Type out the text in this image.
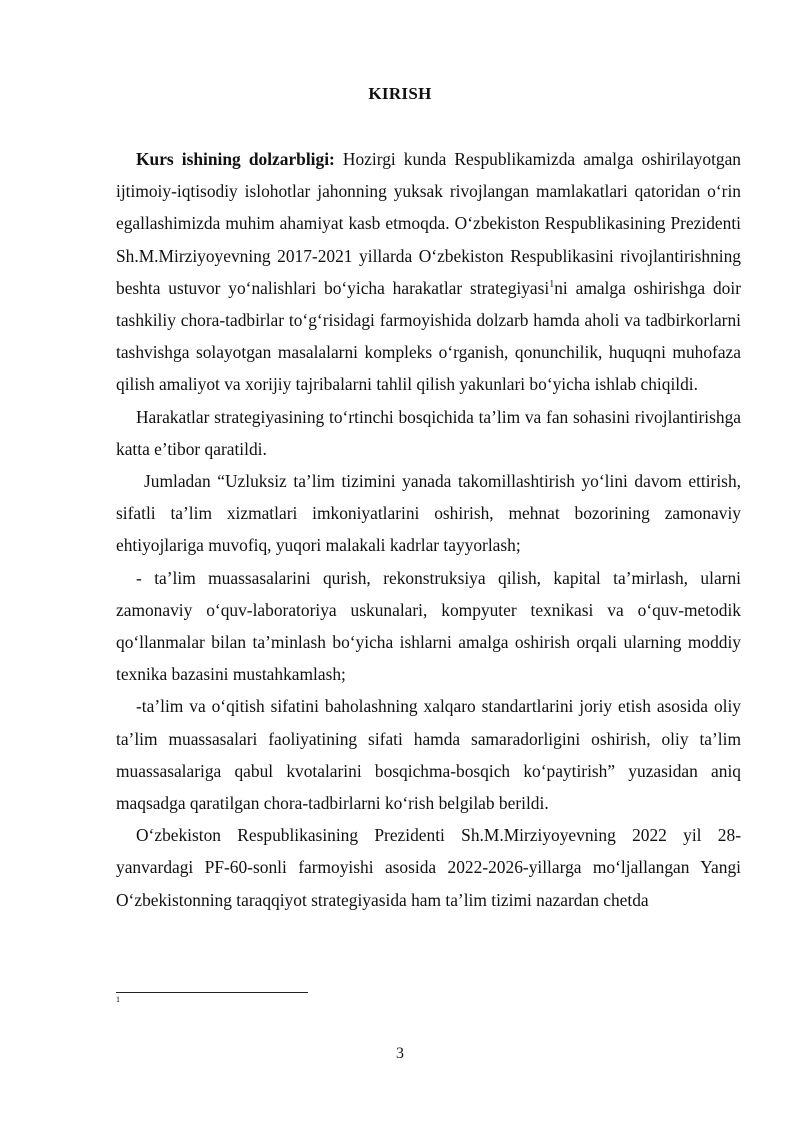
KIRISH

Kurs ishining dolzarbligi: Hozirgi kunda Respublikamizda amalga oshirilayotgan ijtimoiy-iqtisodiy islohotlar jahonning yuksak rivojlangan mamlakatlari qatoridan o‘rin egallashimizda muhim ahamiyat kasb etmoqda. O‘zbekiston Respublikasining Prezidenti Sh.M.Mirziyoyevning 2017-2021 yillarda O‘zbekiston Respublikasini rivojlantirishning beshta ustuvor yo‘nalishlari bo‘yicha harakatlar strategiyasi$^1$ni amalga oshirishga doir tashkiliy chora-tadbirlar to‘g‘risidagi farmoyishida dolzarb hamda aholi va tadbirkorlarni tashvishga solayotgan masalalarni kompleks o‘rganish, qonunchilik, huquqni muhofaza qilish amaliyot va xorijiy tajribalarni tahlil qilish yakunlari bo‘yicha ishlab chiqildi.

Harakatlar strategiyasining to‘rtinchi bosqichida ta’lim va fan sohasini rivojlantirishga katta e’tibor qaratildi.

Jumladan “Uzluksiz ta’lim tizimini yanada takomillashtirish yo‘lini davom ettirish, sifatli ta’lim xizmatlari imkoniyatlarini oshirish, mehnat bozorining zamonaviy ehtiyojlariga muvofiq, yuqori malakali kadrlar tayyorlash;

- ta’lim muassasalarini qurish, rekonstruksiya qilish, kapital ta’mirlash, ularni zamonaviy o‘quv-laboratoriya uskunalari, kompyuter texnikasi va o‘quv-metodik qo‘llanmalar bilan ta’minlash bo‘yicha ishlarni amalga oshirish orqali ularning moddiy texnika bazasini mustahkamlash;

-ta’lim va o‘qitish sifatini baholashning xalqaro standartlarini joriy etish asosida oliy ta’lim muassasalari faoliyatining sifati hamda samaradorligini oshirish, oliy ta’lim muassasalariga qabul kvotalarini bosqichma-bosqich ko‘paytirish” yuzasidan aniq maqsadga qaratilgan chora-tadbirlarni ko‘rish belgilab berildi.

O‘zbekiston Respublikasining Prezidenti Sh.M.Mirziyoyevning 2022 yil 28-yanvardagi PF-60-sonli farmoyishi asosida 2022-2026-yillarga mo‘ljallangan Yangi O‘zbekistonning taraqqiyot strategiyasida ham ta’lim tizimi nazardan chetda

1
3
